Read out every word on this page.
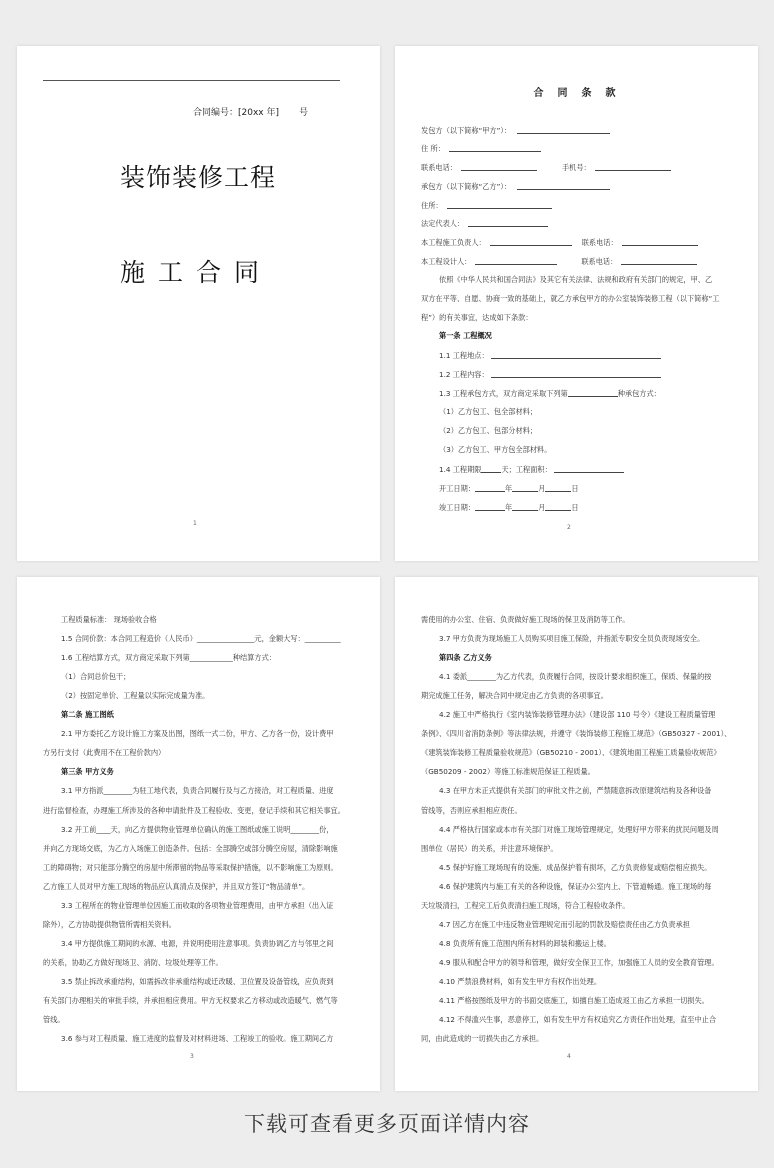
合同编号：[20xx 年]       号
装饰装修工程
施工合同
1
合同条款
发包方（以下简称“甲方”）：
住 所：
联系电话：	手机号：
承包方（以下简称“乙方”）：
住所：
法定代表人：
本工程施工负责人：	联系电话：
本工程设计人：	联系电话：
依照《中华人民共和国合同法》及其它有关法律、法规和政府有关部门的规定，甲、乙
双方在平等、自愿、协商一致的基础上，就乙方承包甲方的办公室装饰装修工程（以下简称“工
程”）的有关事宜，达成如下条款：
第一条 工程概况
1.1 工程地点：
1.2 工程内容：
1.3 工程承包方式，双方商定采取下列第	种承包方式：
（1）乙方包工、包全部材料；
（2）乙方包工、包部分材料；
（3）乙方包工、甲方包全部材料。
1.4 工程期限	天；工程面积：
开工日期：	年	月	日
竣工日期：	年	月	日
2
工程质量标准： 现场验收合格
1.5 合同价款：本合同工程造价（人民币）________________元，金额大写：__________
1.6 工程结算方式，双方商定采取下列第____________种结算方式：
（1）合同总价包干；
（2）按固定单价、工程量以实际完成量为准。
第二条 施工图纸
2.1 甲方委托乙方设计施工方案及出图，图纸一式二份，甲方、乙方各一份，设计费甲
方另行支付（此费用不在工程价款内）
第三条 甲方义务
3.1 甲方指派________为驻工地代表，负责合同履行及与乙方接洽，对工程质量、进度
进行监督检查，办理施工所涉及的各种申请批件及工程验收、变更，登记手续和其它相关事宜。
3.2 开工前____天，向乙方提供物业管理单位确认的施工图纸或施工说明________份，
并向乙方现场交底，为乙方入场施工创造条件。包括：全部腾空或部分腾空房屋，清除影响施
工的障碍物；对只能部分腾空的房屋中所滞留的物品等采取保护措施，以不影响施工为原则。
乙方施工人员对甲方施工现场的物品应认真清点及保护，并且双方签订“物品清单”。
3.3 工程所在的物业管理单位因施工而收取的各项物业管理费用，由甲方承担（出入证
除外），乙方协助提供物管所需相关资料。
3.4 甲方提供施工期间的水源、电源，并说明使用注意事项。负责协调乙方与邻里之间
的关系，协助乙方做好现场卫、消防、垃圾处理等工作。
3.5 禁止拆改承重结构，如需拆改非承重结构或迁改暖、卫位置及设备管线，应负责到
有关部门办理相关的审批手续，并承担相应费用。甲方无权要求乙方移动或改造暖气、燃气等
管线。
3.6 参与对工程质量、施工进度的监督及对材料进场、工程竣工的验收。施工期间乙方
3
需使用的办公室、住宿、负责做好施工现场的保卫及消防等工作。
3.7 甲方负责为现场施工人员购买项目施工保险，并指派专职安全员负责现场安全。
第四条 乙方义务
4.1 委派________为乙方代表，负责履行合同，按设计要求组织施工，保质、保量的按
期完成施工任务，解决合同中规定由乙方负责的各项事宜。
4.2 施工中严格执行《室内装饰装修管理办法》（建设部 110 号令）《建设工程质量管理
条例》、《四川省消防条例》等法律法规，并遵守《装饰装修工程施工规范》（GB50327 - 2001）、
《建筑装饰装修工程质量验收规范》（GB50210 - 2001）、《建筑地面工程施工质量验收规范》
（GB50209 - 2002）等施工标准规范保证工程质量。
4.3 在甲方未正式提供有关部门的审批文件之前，严禁随意拆改原建筑结构及各种设备
管线等，否则应承担相应责任。
4.4 严格执行国家或本市有关部门对施工现场管理规定，处理好甲方带来的扰民问题及周
围单位（居民）的关系，并注意环境保护。
4.5 保护好施工现场现有的设施、成品保护着有损坏，乙方负责修复或赔偿相应损失。
4.6 保护建筑内与施工有关的各种设施，保证办公室内上、下管道畅通。施工现场的每
天垃圾清扫，工程完工后负责清扫施工现场，符合工程验收条件。
4.7 因乙方在施工中违反物业管理规定而引起的罚款及赔偿责任由乙方负责承担
4.8 负责所有施工范围内所有材料的卸装和搬运上楼。
4.9 服从和配合甲方的领导和管理，做好安全保卫工作，加强施工人员的安全教育管理。
4.10 严禁浪费材料，如有发生甲方有权作出处理。
4.11 严格按图纸及甲方的书面交底施工，如擅自施工造成返工由乙方承担一切损失。
4.12 不得滥兴生事，恶意停工，如有发生甲方有权追究乙方责任作出处理，直至中止合
同，由此造成的一切损失由乙方承担。
4
下载可查看更多页面详情内容
